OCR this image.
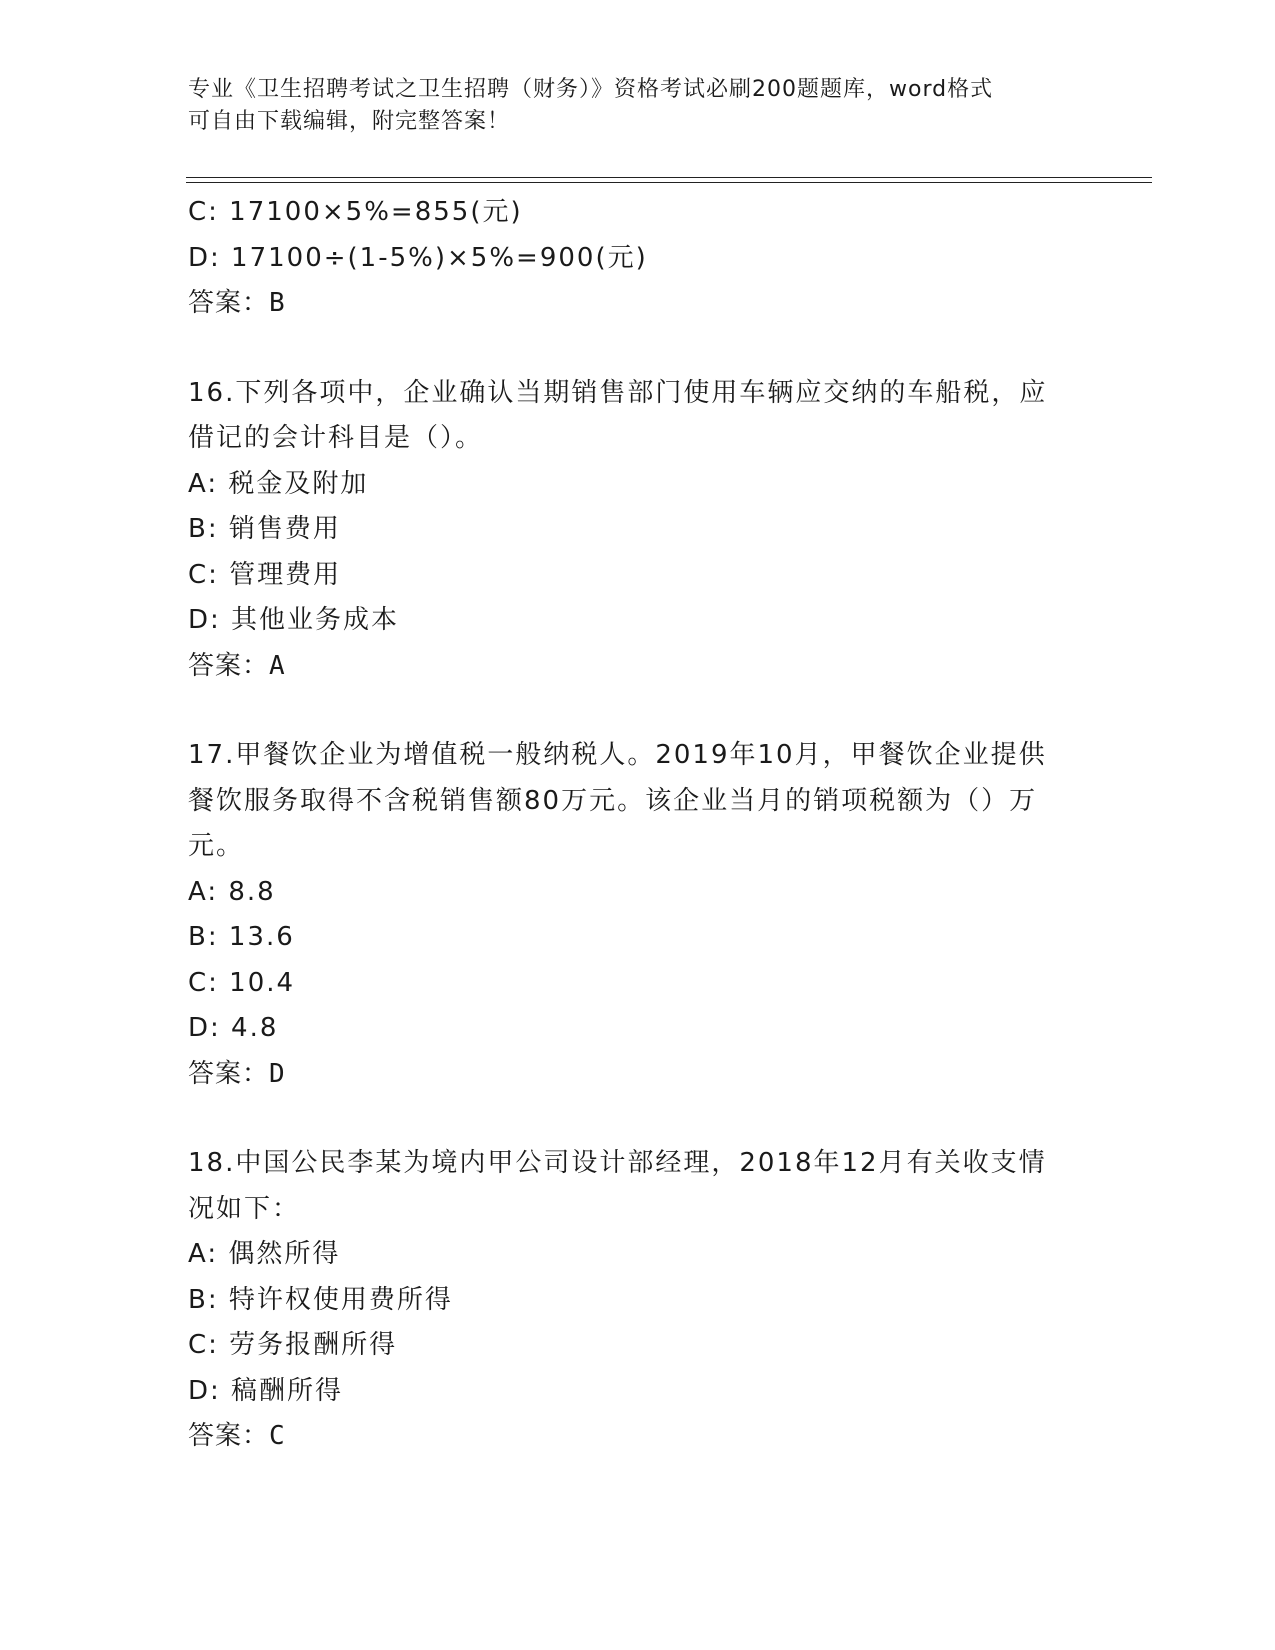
专业《卫生招聘考试之卫生招聘（财务）》资格考试必刷200题题库，word格式
可自由下载编辑，附完整答案！
C: 17100×5%=855(元)
D: 17100÷(1-5%)×5%=900(元)
答案：B
16.下列各项中，企业确认当期销售部门使用车辆应交纳的车船税，应
借记的会计科目是（）。
A: 税金及附加
B: 销售费用
C: 管理费用
D: 其他业务成本
答案：A
17.甲餐饮企业为增值税一般纳税人。2019年10月，甲餐饮企业提供
餐饮服务取得不含税销售额80万元。该企业当月的销项税额为（）万
元。
A: 8.8
B: 13.6
C: 10.4
D: 4.8
答案：D
18.中国公民李某为境内甲公司设计部经理，2018年12月有关收支情
况如下：
A: 偶然所得
B: 特许权使用费所得
C: 劳务报酬所得
D: 稿酬所得
答案：C
